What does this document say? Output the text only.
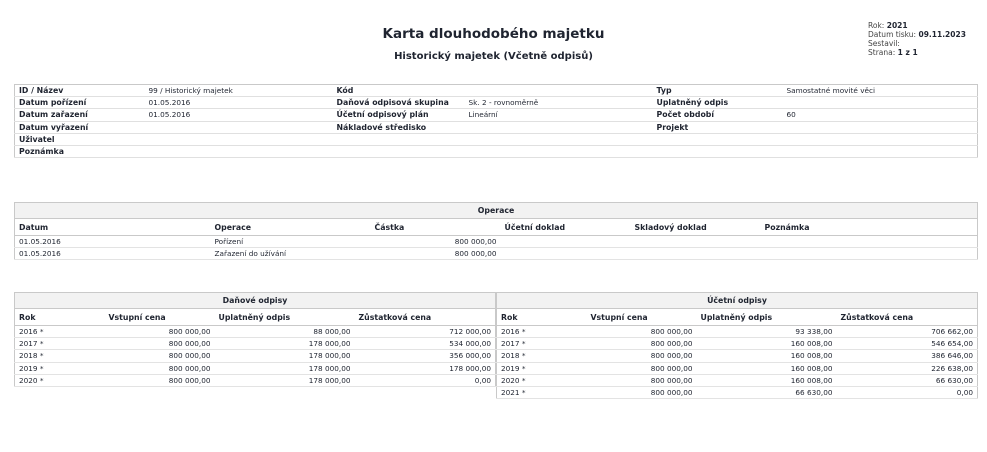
Karta dlouhodobého majetku
Historický majetek (Včetně odpisů)
Rok: 2021
Datum tisku: 09.11.2023
Sestavil:
Strana: 1 z 1
ID / Název	99 / Historický majetek	Kód		Typ	Samostatné movité věci
Datum pořízení	01.05.2016	Daňová odpisová skupina	Sk. 2 - rovnoměrně	Uplatněný odpis	
Datum zařazení	01.05.2016	Účetní odpisový plán	Lineární	Počet období	60
Datum vyřazení		Nákladové středisko		Projekt	
Uživatel					
Poznámka					
Operace					
Datum	Operace	Částka	Účetní doklad	Skladový doklad	Poznámka
01.05.2016	Pořízení	800 000,00			
01.05.2016	Zařazení do užívání	800 000,00			
Daňové odpisy			
Rok	Vstupní cena	Uplatněný odpis	Zůstatková cena
2016 *	800 000,00	88 000,00	712 000,00
2017 *	800 000,00	178 000,00	534 000,00
2018 *	800 000,00	178 000,00	356 000,00
2019 *	800 000,00	178 000,00	178 000,00
2020 *	800 000,00	178 000,00	0,00
Účetní odpisy			
Rok	Vstupní cena	Uplatněný odpis	Zůstatková cena
2016 *	800 000,00	93 338,00	706 662,00
2017 *	800 000,00	160 008,00	546 654,00
2018 *	800 000,00	160 008,00	386 646,00
2019 *	800 000,00	160 008,00	226 638,00
2020 *	800 000,00	160 008,00	66 630,00
2021 *	800 000,00	66 630,00	0,00
